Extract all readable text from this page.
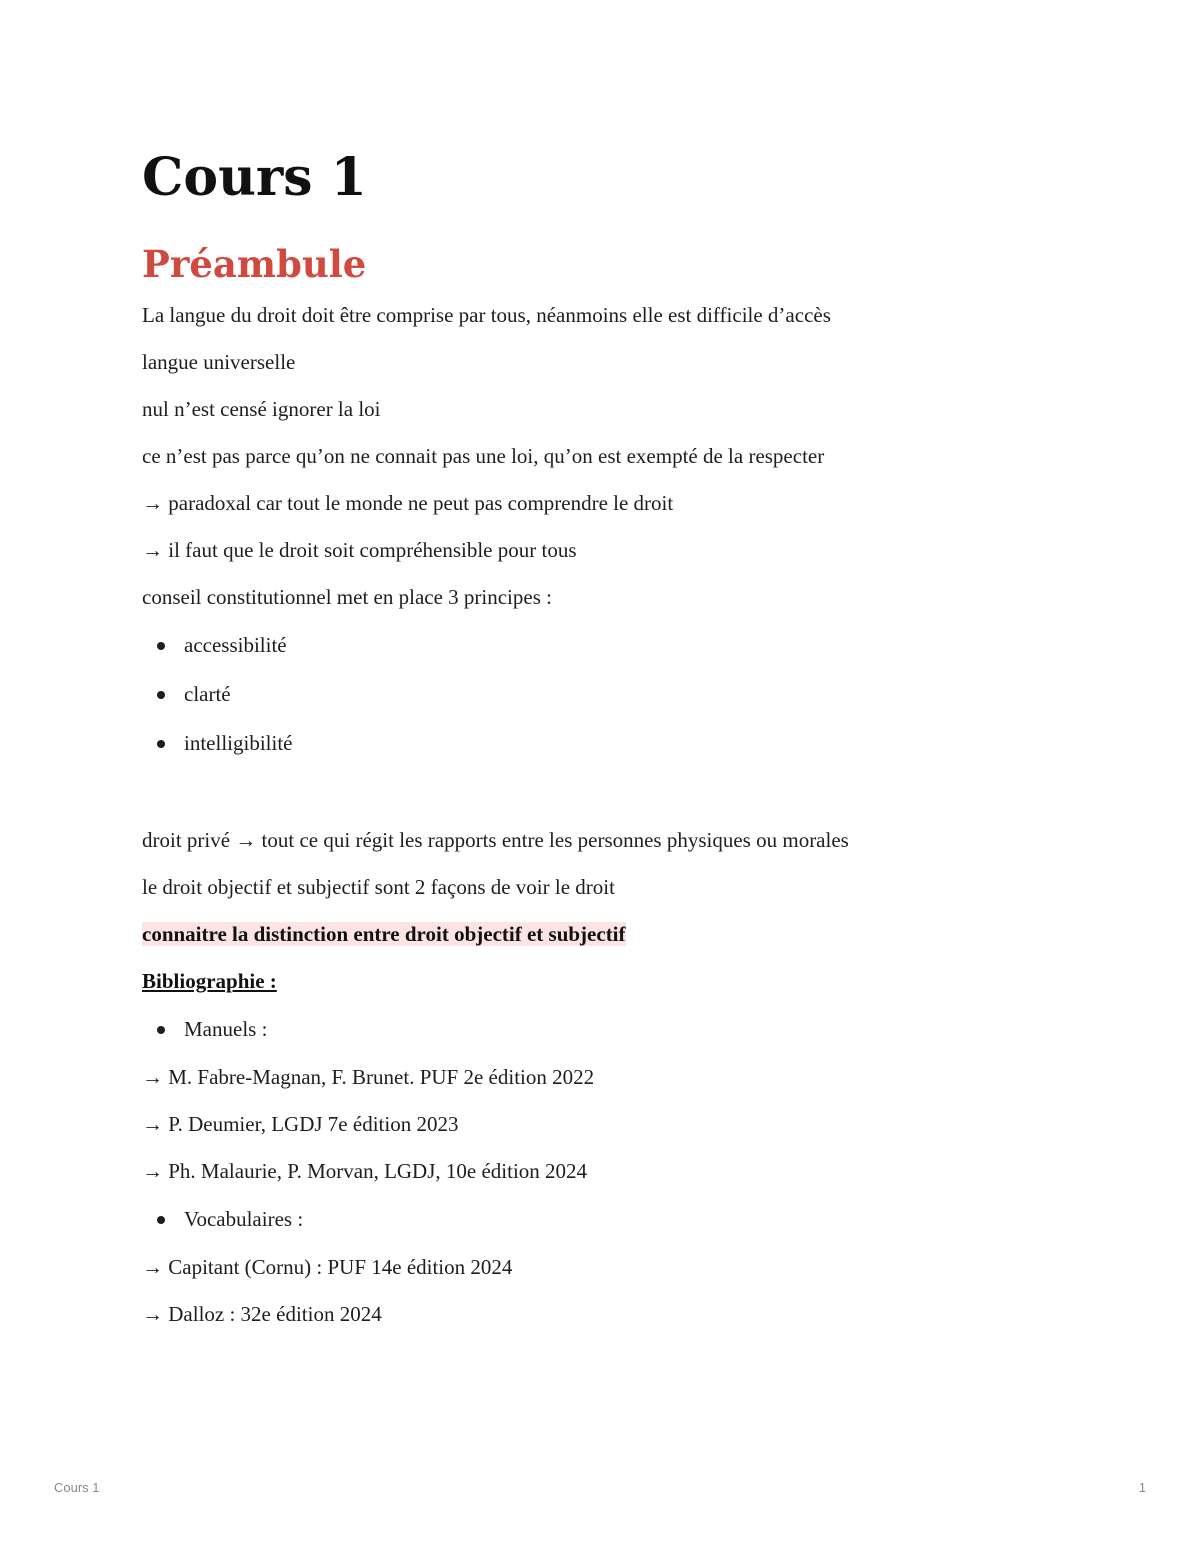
Cours 1
Préambule

La langue du droit doit être comprise par tous, néanmoins elle est difficile d’accès

langue universelle

nul n’est censé ignorer la loi

ce n’est pas parce qu’on ne connait pas une loi, qu’on est exempté de la respecter

→ paradoxal car tout le monde ne peut pas comprendre le droit

→ il faut que le droit soit compréhensible pour tous

conseil constitutionnel met en place 3 principes :

accessibilité
clarté
intelligibilité

droit privé → tout ce qui régit les rapports entre les personnes physiques ou morales

le droit objectif et subjectif sont 2 façons de voir le droit

connaitre la distinction entre droit objectif et subjectif

Bibliographie :

Manuels :

→ M. Fabre-Magnan, F. Brunet. PUF 2e édition 2022

→ P. Deumier, LGDJ 7e édition 2023

→ Ph. Malaurie, P. Morvan, LGDJ, 10e édition 2024

Vocabulaires :

→ Capitant (Cornu) : PUF 14e édition 2024

→ Dalloz : 32e édition 2024

Cours 1	1
